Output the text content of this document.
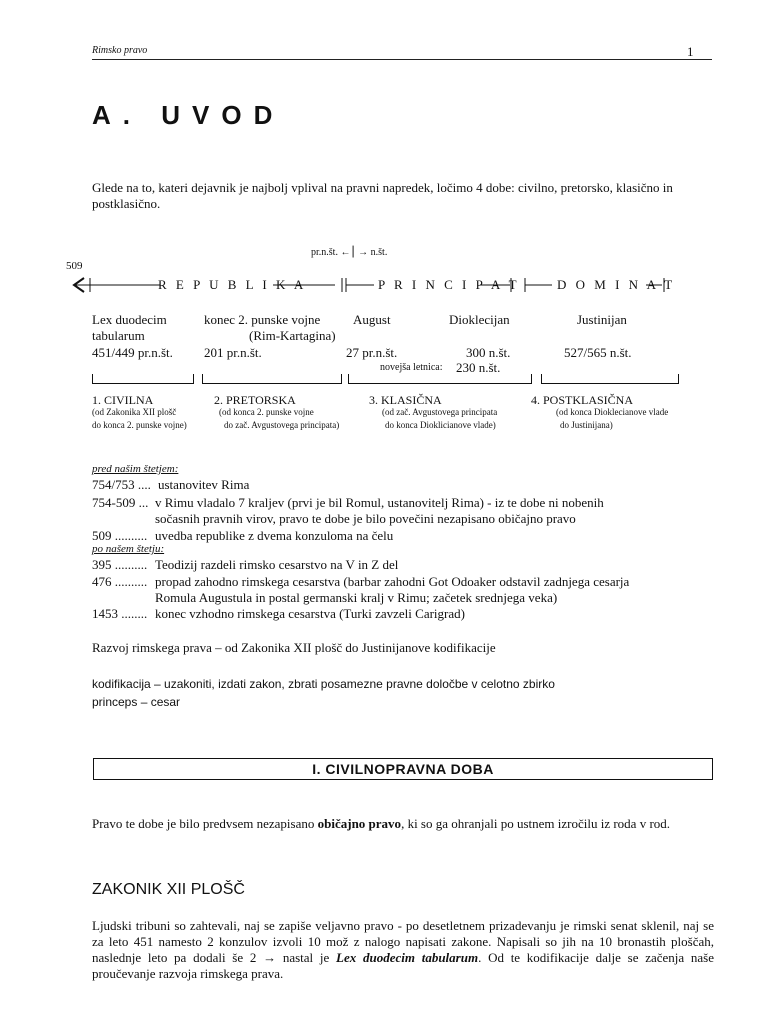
Rimsko pravo	1
A. UVOD
Glede na to, kateri dejavnik je najbolj vplival na pravni napredek, ločimo 4 dobe: civilno, pretorsko, klasično in postklasično.
pr.n.št. ←⎮ → n.št.
509
R E P U B L I K A	P R I N C I P A T	D O M I N A T
Lex duodecim
tabularum
451/449 pr.n.št.
konec 2. punske vojne
(Rim-Kartagina)
201 pr.n.št.
August
27 pr.n.št.
Dioklecijan
300 n.št.
Justinijan
527/565 n.št.
novejša letnica: 230 n.št.
1. CIVILNA
(od Zakonika XII plošč
do konca 2. punske vojne)
2. PRETORSKA
(od konca 2. punske vojne
do zač. Avgustovega principata)
3. KLASIČNA
(od zač. Avgustovega principata
do konca Dioklicianove vlade)
4. POSTKLASIČNA
(od konca Dioklecianove vlade
do Justinijana)
pred našim štetjem:
754/753 .... ustanovitev Rima
754-509 ... v Rimu vladalo 7 kraljev (prvi je bil Romul, ustanovitelj Rima) - iz te dobe ni nobenih
sočasnih pravnih virov, pravo te dobe je bilo povečini nezapisano običajno pravo
509 .......... uvedba republike z dvema konzuloma na čelu
po našem štetju:
395 .......... Teodizij razdeli rimsko cesarstvo na V in Z del
476 .......... propad zahodno rimskega cesarstva (barbar zahodni Got Odoaker odstavil zadnjega cesarja
Romula Augustula in postal germanski kralj v Rimu; začetek srednjega veka)
1453 ........ konec vzhodno rimskega cesarstva (Turki zavzeli Carigrad)
Razvoj rimskega prava – od Zakonika XII plošč do Justinijanove kodifikacije
kodifikacija – uzakoniti, izdati zakon, zbrati posamezne pravne določbe v celotno zbirko
princeps – cesar
I. CIVILNOPRAVNA DOBA
Pravo te dobe je bilo predvsem nezapisano običajno pravo, ki so ga ohranjali po ustnem izročilu iz roda v rod.
ZAKONIK XII PLOŠČ
Ljudski tribuni so zahtevali, naj se zapiše veljavno pravo - po desetletnem prizadevanju je rimski senat sklenil, naj se za leto 451 namesto 2 konzulov izvoli 10 mož z nalogo napisati zakone. Napisali so jih na 10 bronastih ploščah, naslednje leto pa dodali še 2 → nastal je Lex duodecim tabularum. Od te kodifikacije dalje se začenja naše proučevanje razvoja rimskega prava.
